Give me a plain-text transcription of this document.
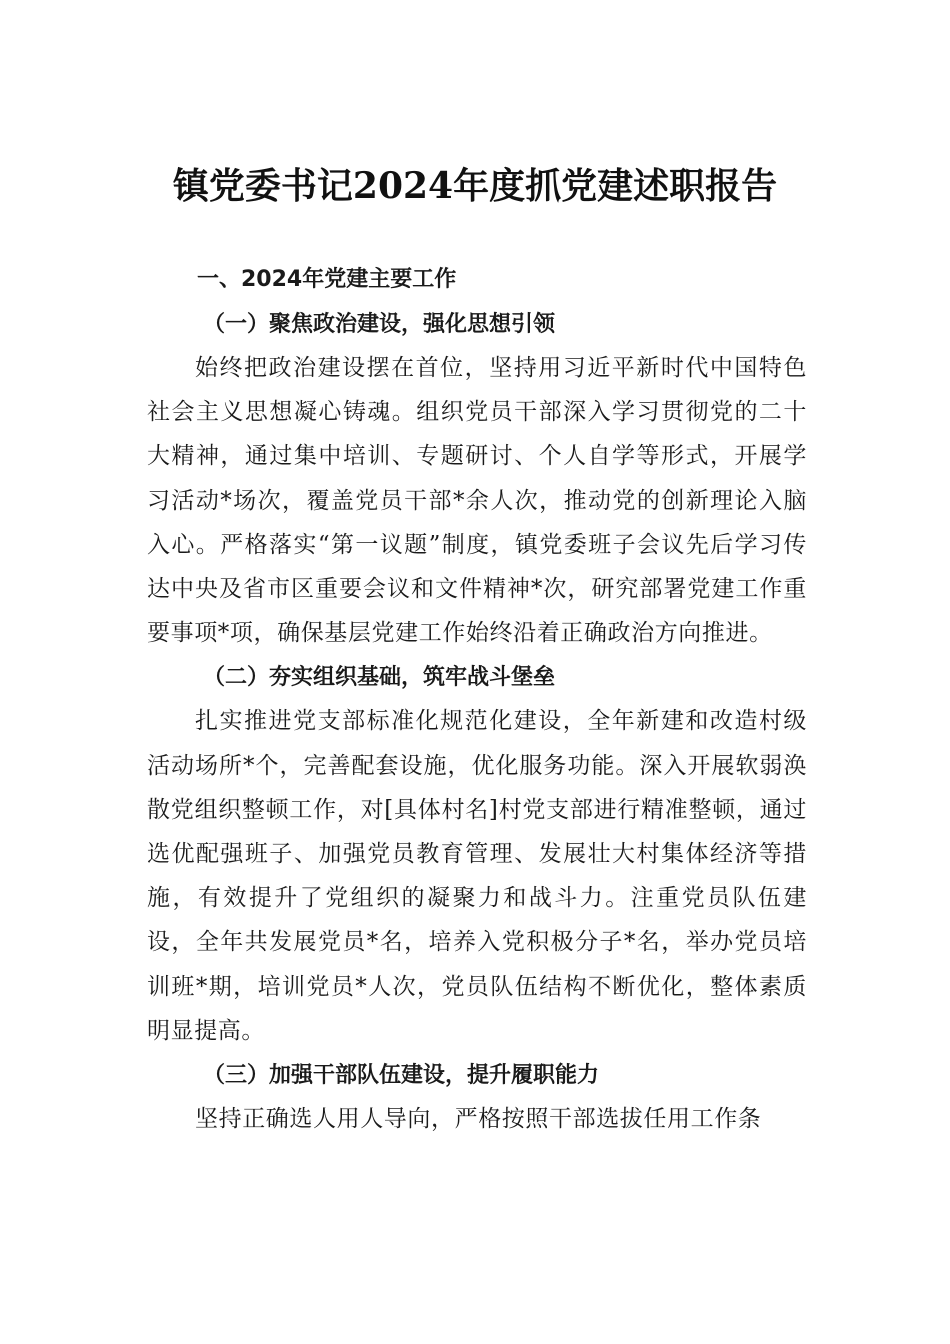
镇党委书记2024年度抓党建述职报告
一、2024年党建主要工作
（一）聚焦政治建设，强化思想引领

始终把政治建设摆在首位，坚持用习近平新时代中国特色社会主义思想凝心铸魂。组织党员干部深入学习贯彻党的二十大精神，通过集中培训、专题研讨、个人自学等形式，开展学习活动*场次，覆盖党员干部*余人次，推动党的创新理论入脑入心。严格落实“第一议题”制度，镇党委班子会议先后学习传达中央及省市区重要会议和文件精神*次，研究部署党建工作重要事项*项，确保基层党建工作始终沿着正确政治方向推进。

（二）夯实组织基础，筑牢战斗堡垒

扎实推进党支部标准化规范化建设，全年新建和改造村级活动场所*个，完善配套设施，优化服务功能。深入开展软弱涣散党组织整顿工作，对[具体村名]村党支部进行精准整顿，通过选优配强班子、加强党员教育管理、发展壮大村集体经济等措施，有效提升了党组织的凝聚力和战斗力。注重党员队伍建设，全年共发展党员*名，培养入党积极分子*名，举办党员培训班*期，培训党员*人次，党员队伍结构不断优化，整体素质明显提高。

（三）加强干部队伍建设，提升履职能力

坚持正确选人用人导向，严格按照干部选拔任用工作条
